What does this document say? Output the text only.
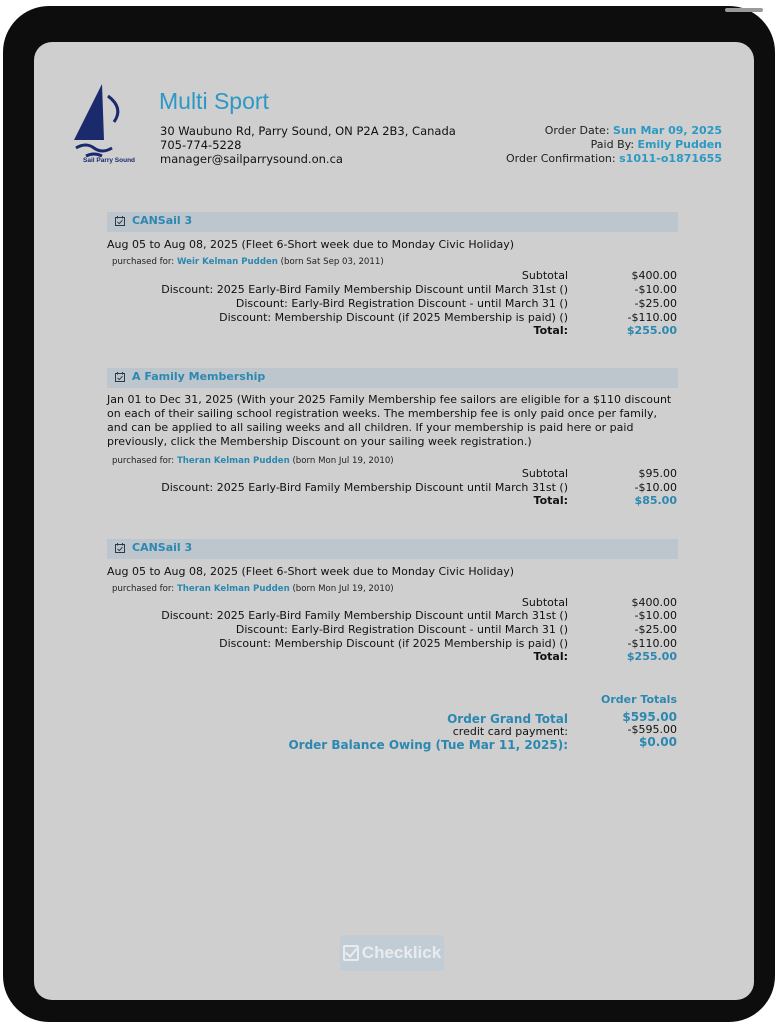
Sail Parry Sound
Multi Sport
30 Waubuno Rd, Parry Sound, ON P2A 2B3, Canada
705-774-5228
manager@sailparrysound.on.ca
Order Date: Sun Mar 09, 2025
Paid By: Emily Pudden
Order Confirmation: s1011-o1871655
CANSail 3
Aug 05 to Aug 08, 2025 (Fleet 6-Short week due to Monday Civic Holiday)
purchased for: Weir Kelman Pudden (born Sat Sep 03, 2011)
Subtotal	$400.00
Discount: 2025 Early-Bird Family Membership Discount until March 31st ()	-$10.00
Discount: Early-Bird Registration Discount - until March 31 ()	-$25.00
Discount: Membership Discount (if 2025 Membership is paid) ()	-$110.00
Total:	$255.00
A Family Membership
Jan 01 to Dec 31, 2025 (With your 2025 Family Membership fee sailors are eligible for a $110 discount on each of their sailing school registration weeks. The membership fee is only paid once per family, and can be applied to all sailing weeks and all children. If your membership is paid here or paid previously, click the Membership Discount on your sailing week registration.)
purchased for: Theran Kelman Pudden (born Mon Jul 19, 2010)
Subtotal	$95.00
Discount: 2025 Early-Bird Family Membership Discount until March 31st ()	-$10.00
Total:	$85.00
CANSail 3
Aug 05 to Aug 08, 2025 (Fleet 6-Short week due to Monday Civic Holiday)
purchased for: Theran Kelman Pudden (born Mon Jul 19, 2010)
Subtotal	$400.00
Discount: 2025 Early-Bird Family Membership Discount until March 31st ()	-$10.00
Discount: Early-Bird Registration Discount - until March 31 ()	-$25.00
Discount: Membership Discount (if 2025 Membership is paid) ()	-$110.00
Total:	$255.00
Order Totals
Order Grand Total	$595.00
credit card payment:	-$595.00
Order Balance Owing (Tue Mar 11, 2025):	$0.00
Checklick
